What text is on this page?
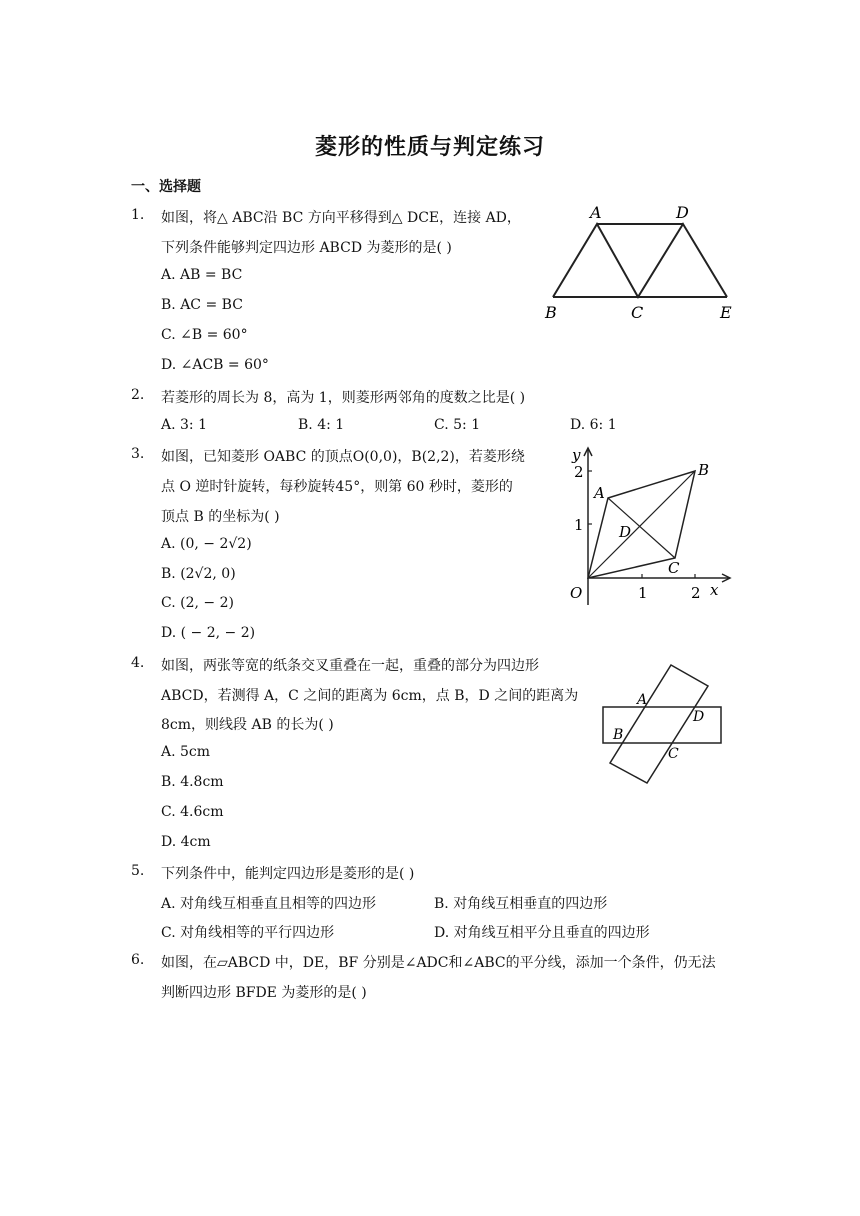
菱形的性质与判定练习
一、选择题
1. 如图，将△ ABC沿 BC 方向平移得到△ DCE，连接 AD，
下列条件能够判定四边形 ABCD 为菱形的是( )
A. AB = BC
B. AC = BC
C. ∠B = 60°
D. ∠ACB = 60°
A	D
B	C	E
2. 若菱形的周长为 8，高为 1，则菱形两邻角的度数之比是( )
A. 3: 1	B. 4: 1	C. 5: 1	D. 6: 1
3. 如图，已知菱形 OABC 的顶点O(0,0)，B(2,2)，若菱形绕
点 O 逆时针旋转，每秒旋转45°，则第 60 秒时，菱形的
顶点 B 的坐标为( )
A. (0, − 2√2)
B. (2√2, 0)
C. (2, − 2)
D. ( − 2, − 2)
y
2
1
O	1	2 x
A
B
C
D
4. 如图，两张等宽的纸条交叉重叠在一起，重叠的部分为四边形
ABCD，若测得 A，C 之间的距离为 6cm，点 B，D 之间的距离为
8cm，则线段 AB 的长为( )
A. 5cm
B. 4.8cm
C. 4.6cm
D. 4cm
A
D
B
C
5. 下列条件中，能判定四边形是菱形的是( )
A. 对角线互相垂直且相等的四边形	B. 对角线互相垂直的四边形
C. 对角线相等的平行四边形	D. 对角线互相平分且垂直的四边形
6. 如图，在▱ABCD 中，DE，BF 分别是∠ADC和∠ABC的平分线，添加一个条件，仍无法
判断四边形 BFDE 为菱形的是( )
